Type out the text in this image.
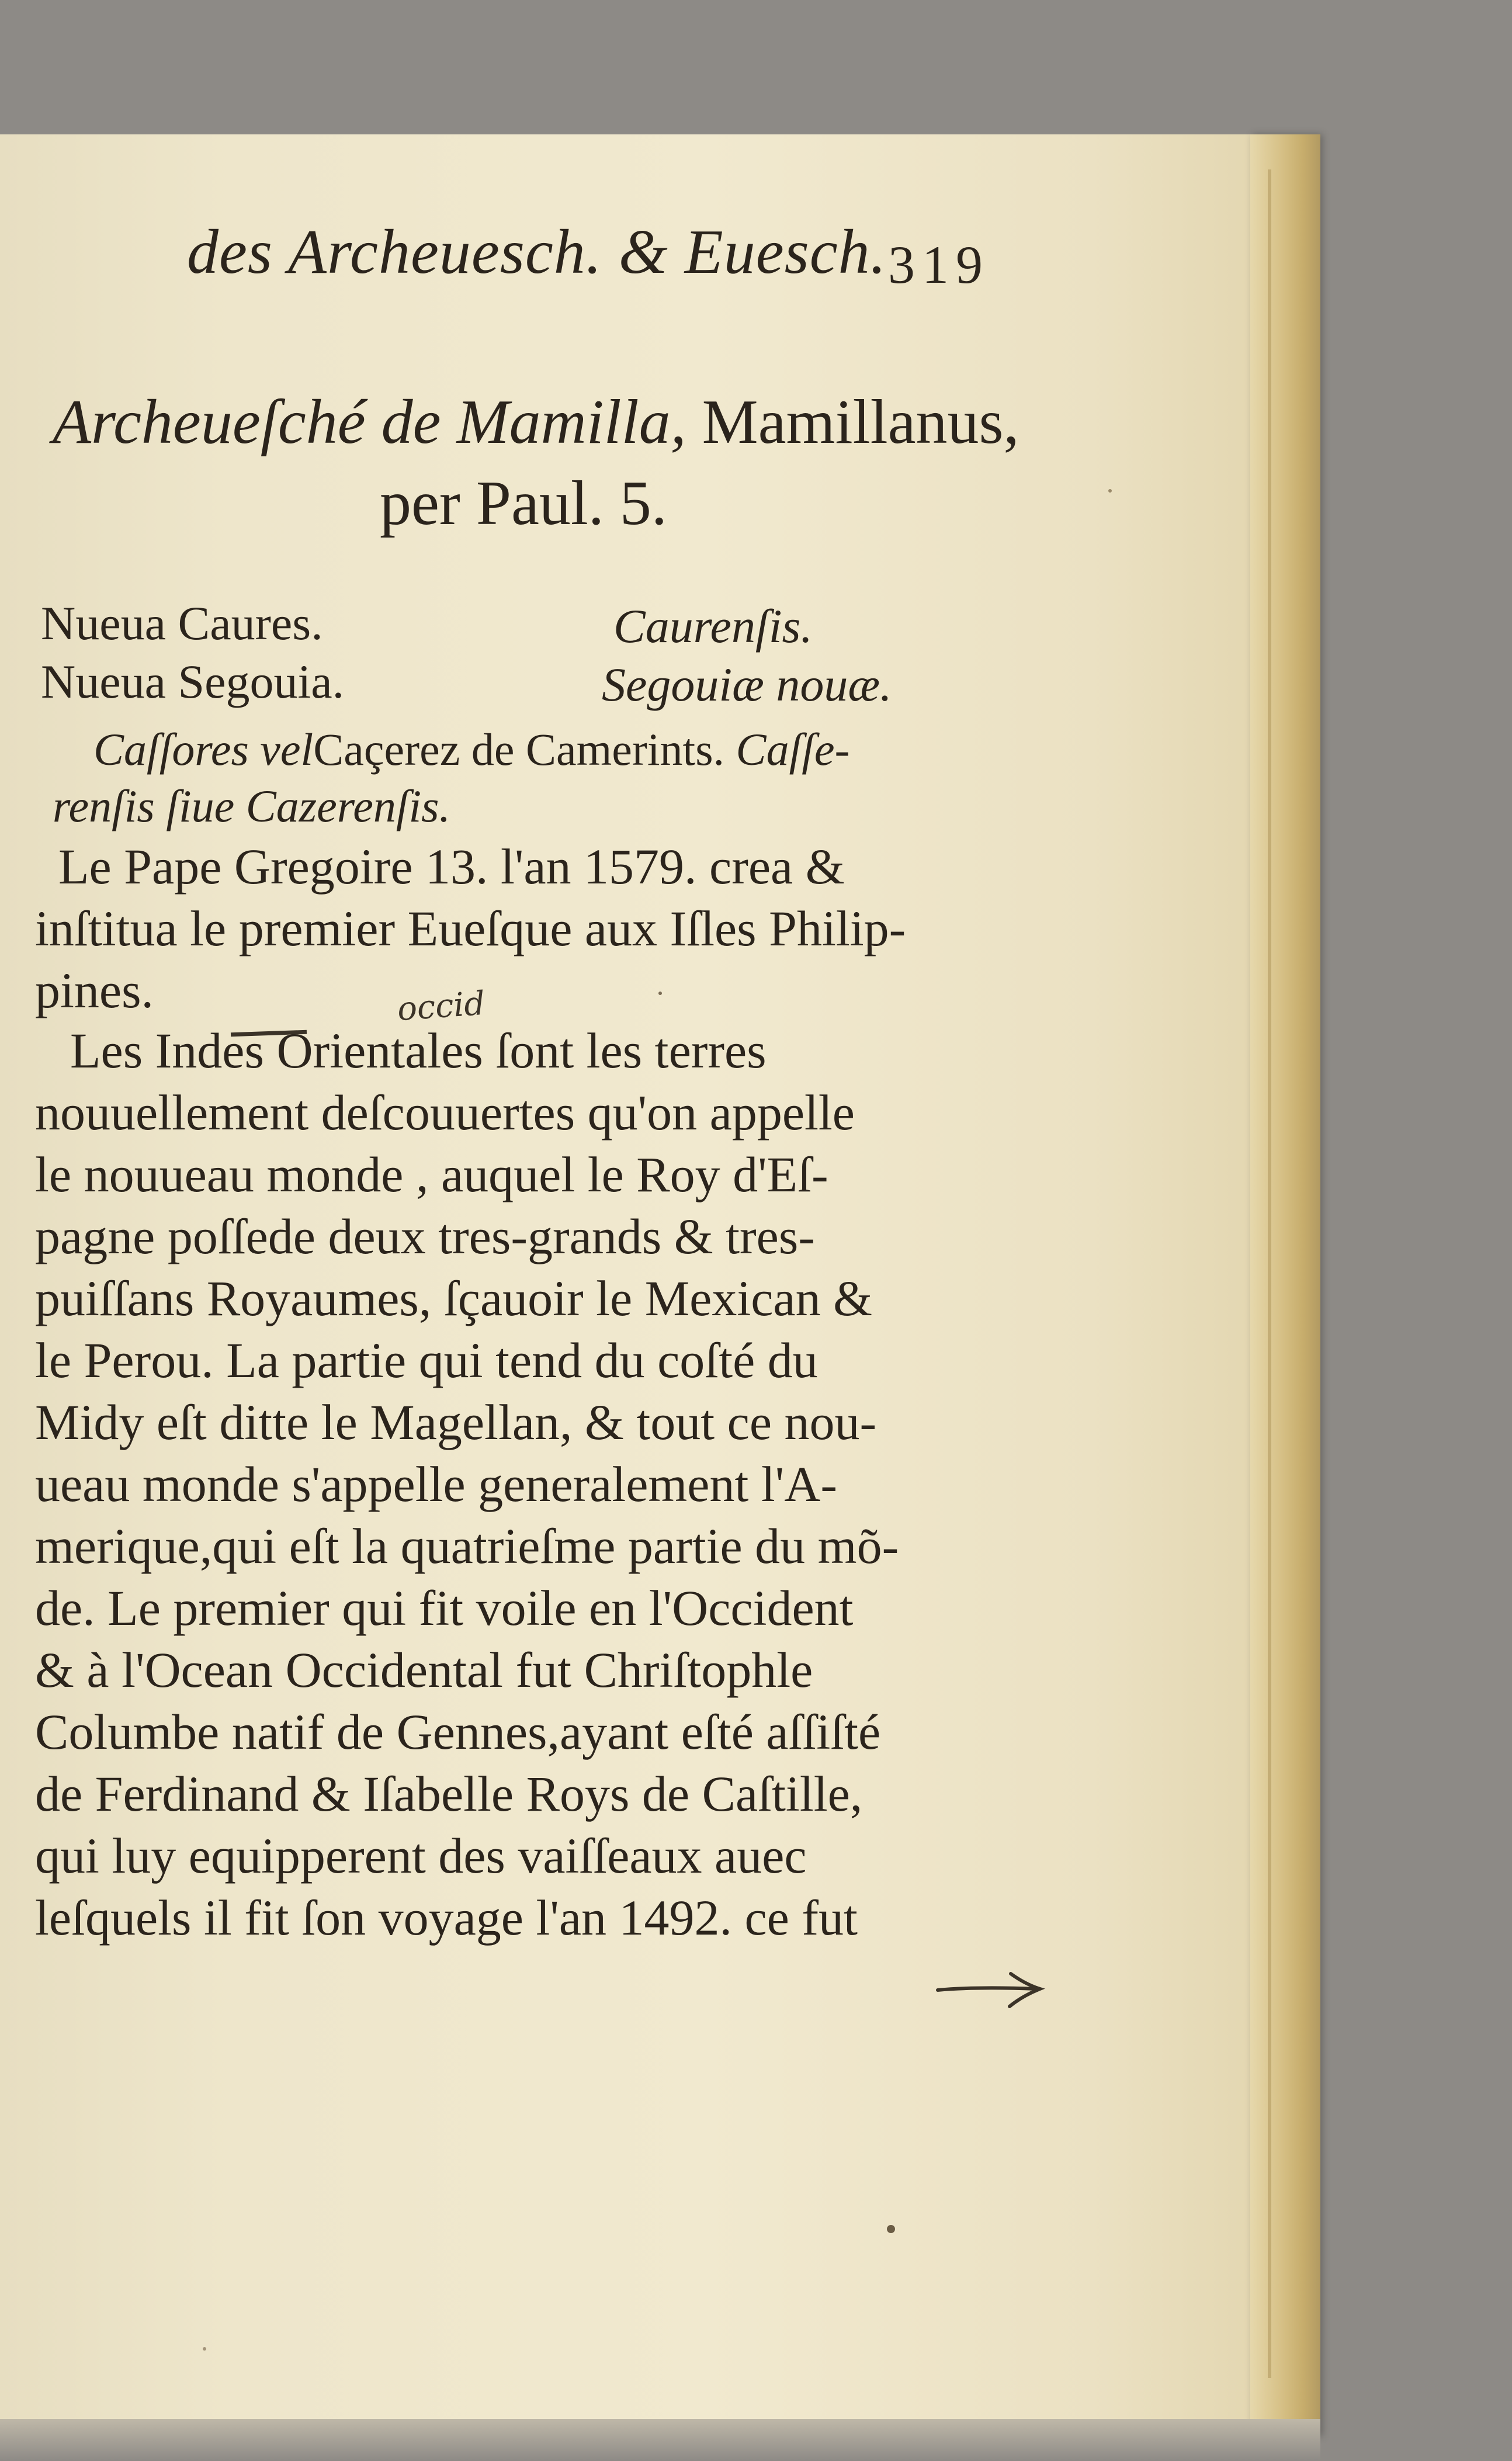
des Archeuesch. & Euesch. 319
Archeueſché de Mamilla, Mamillanus,
per Paul. 5.
Nueua Caures.	Caurenſis.
Nueua Segouia.	Segouiæ nouæ.
Caſſores velCaçerez de Camerints. Caſſe-
renſis ſiue Cazerenſis.
Le Pape Gregoire 13. l'an 1579. crea &
inſtitua le premier Eueſque aux Iſles Philip-
pines.	occid
Les Indes Orientales ſont les terres
nouuellement deſcouuertes qu'on appelle
le nouueau monde , auquel le Roy d'Eſ-
pagne poſſede deux tres-grands & tres-
puiſſans Royaumes, ſçauoir le Mexican &
le Perou. La partie qui tend du coſté du
Midy eſt ditte le Magellan, & tout ce nou-
ueau monde s'appelle generalement l'A-
merique,qui eſt la quatrieſme partie du mõ-
de. Le premier qui fit voile en l'Occident
& à l'Ocean Occidental fut Chriſtophle
Columbe natif de Gennes,ayant eſté aſſiſté
de Ferdinand & Iſabelle Roys de Caſtille,
qui luy equipperent des vaiſſeaux auec
leſquels il fit ſon voyage l'an 1492. ce fut
